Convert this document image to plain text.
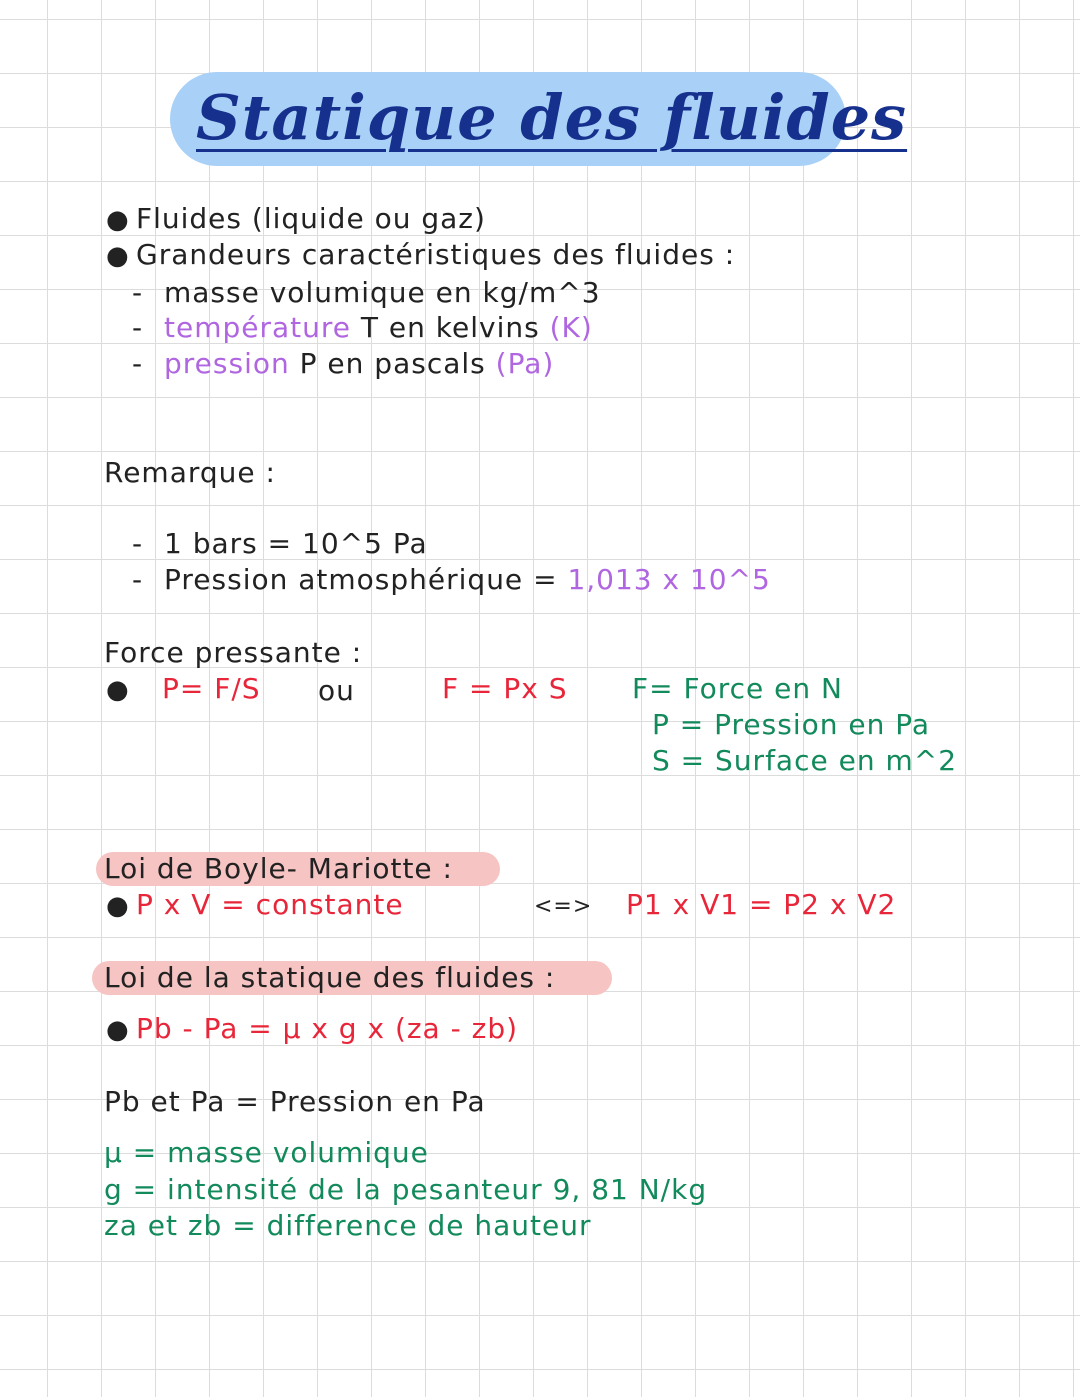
Statique des fluides
● Fluides (liquide ou gaz)
● Grandeurs caractéristiques des fluides :
- masse volumique en kg/m^3
- température T en kelvins (K)
- pression P en pascals (Pa)
Remarque :
- 1 bars = 10^5 Pa
- Pression atmosphérique = 1,013 x 10^5
Force pressante :
● P= F/S ou	F = Px S F= Force en N
P = Pression en Pa
S = Surface en m^2
Loi de Boyle- Mariotte :
● P x V = constante	<=> P1 x V1 = P2 x V2
Loi de la statique des fluides :
● Pb - Pa = μ x g x (za - zb)
Pb et Pa = Pression en Pa
μ = masse volumique
g = intensité de la pesanteur 9, 81 N/kg
za et zb = difference de hauteur
